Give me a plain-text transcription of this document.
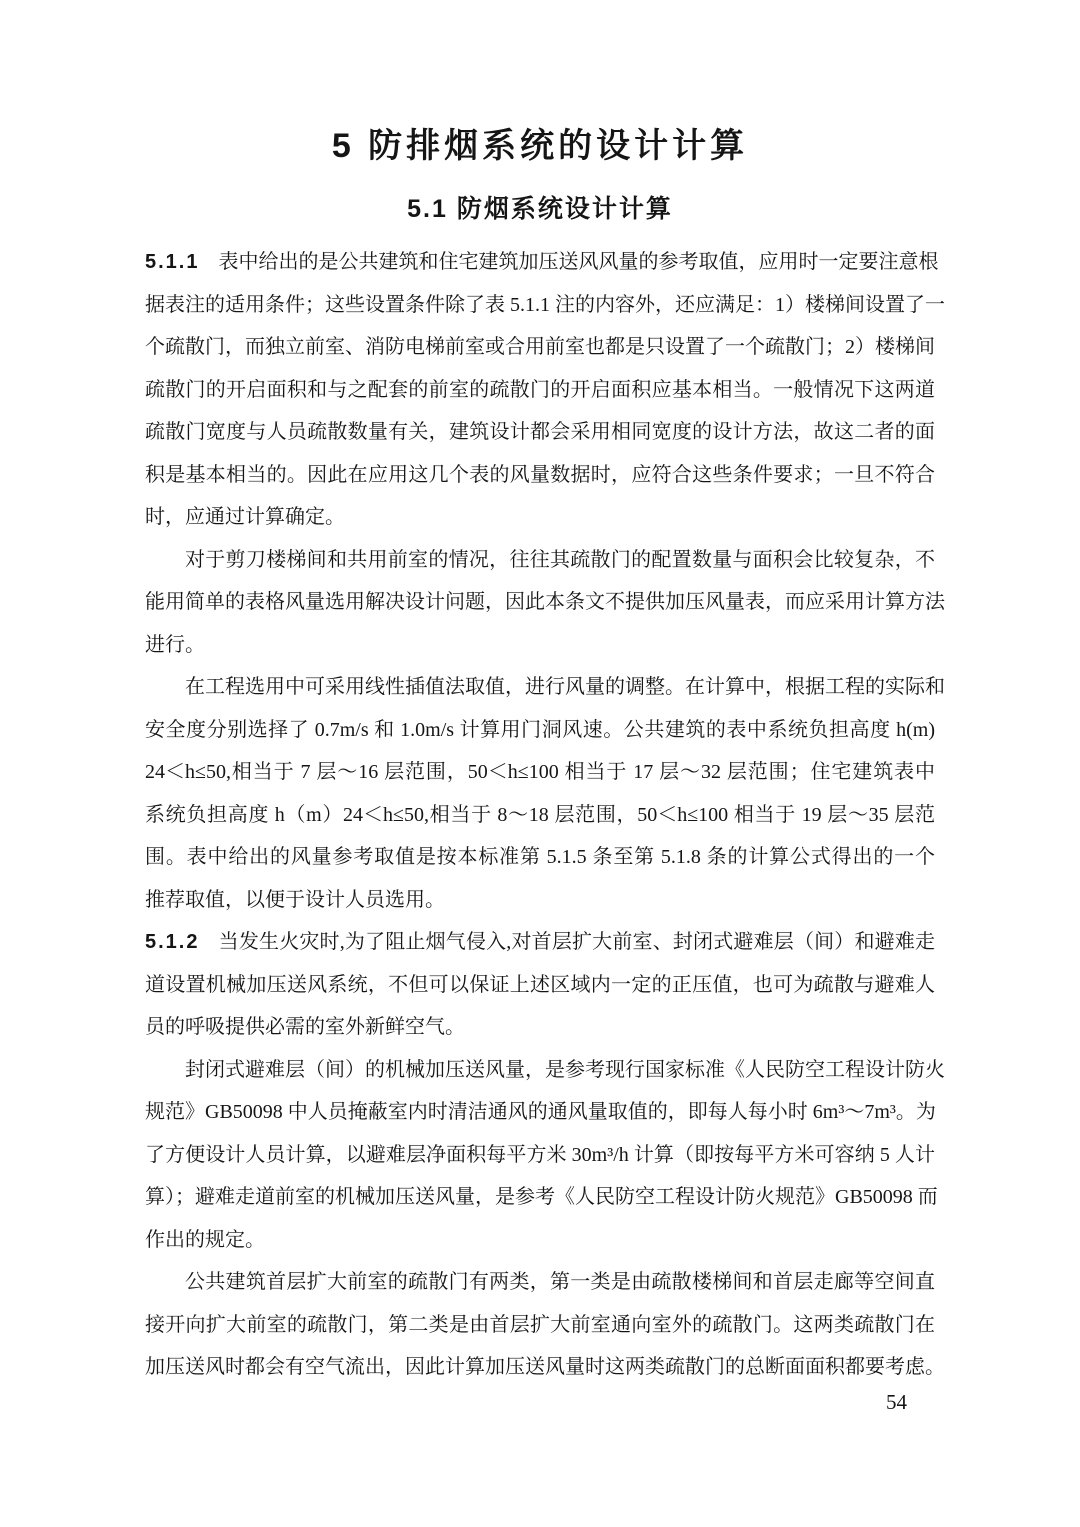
5 防排烟系统的设计计算
5.1 防烟系统设计计算
5.1.1 表中给出的是公共建筑和住宅建筑加压送风风量的参考取值，应用时一定要注意根
据表注的适用条件；这些设置条件除了表 5.1.1 注的内容外，还应满足：1）楼梯间设置了一
个疏散门，而独立前室、消防电梯前室或合用前室也都是只设置了一个疏散门；2）楼梯间
疏散门的开启面积和与之配套的前室的疏散门的开启面积应基本相当。一般情况下这两道
疏散门宽度与人员疏散数量有关，建筑设计都会采用相同宽度的设计方法，故这二者的面
积是基本相当的。因此在应用这几个表的风量数据时，应符合这些条件要求；一旦不符合
时，应通过计算确定。
对于剪刀楼梯间和共用前室的情况，往往其疏散门的配置数量与面积会比较复杂，不
能用简单的表格风量选用解决设计问题，因此本条文不提供加压风量表，而应采用计算方法
进行。
在工程选用中可采用线性插值法取值，进行风量的调整。在计算中，根据工程的实际和
安全度分别选择了 0.7m/s 和 1.0m/s 计算用门洞风速。公共建筑的表中系统负担高度 h(m)
24＜h≤50,相当于 7 层～16 层范围，50＜h≤100 相当于 17 层～32 层范围；住宅建筑表中
系统负担高度 h（m）24＜h≤50,相当于 8～18 层范围，50＜h≤100 相当于 19 层～35 层范
围。表中给出的风量参考取值是按本标准第 5.1.5 条至第 5.1.8 条的计算公式得出的一个
推荐取值，以便于设计人员选用。
5.1.2 当发生火灾时,为了阻止烟气侵入,对首层扩大前室、封闭式避难层（间）和避难走
道设置机械加压送风系统，不但可以保证上述区域内一定的正压值，也可为疏散与避难人
员的呼吸提供必需的室外新鲜空气。
封闭式避难层（间）的机械加压送风量，是参考现行国家标准《人民防空工程设计防火
规范》GB50098 中人员掩蔽室内时清洁通风的通风量取值的，即每人每小时 6m³～7m³。为
了方便设计人员计算，以避难层净面积每平方米 30m³/h 计算（即按每平方米可容纳 5 人计
算）；避难走道前室的机械加压送风量，是参考《人民防空工程设计防火规范》GB50098 而
作出的规定。
公共建筑首层扩大前室的疏散门有两类，第一类是由疏散楼梯间和首层走廊等空间直
接开向扩大前室的疏散门，第二类是由首层扩大前室通向室外的疏散门。这两类疏散门在
加压送风时都会有空气流出，因此计算加压送风量时这两类疏散门的总断面面积都要考虑。
54
